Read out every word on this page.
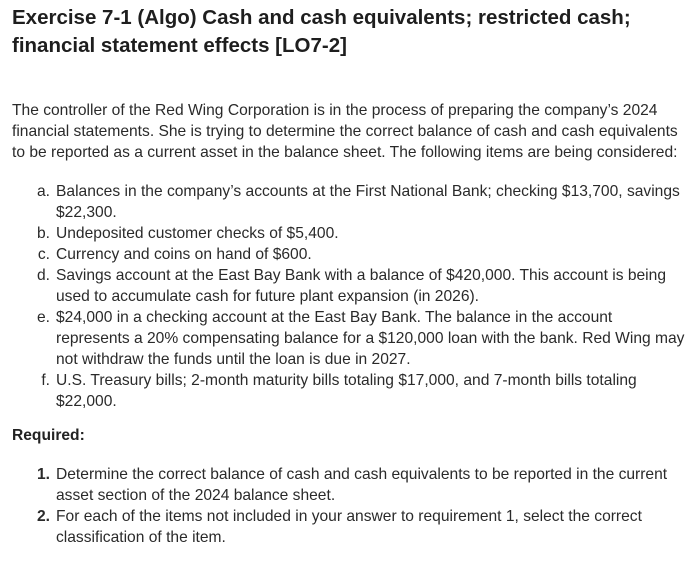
Exercise 7-1 (Algo) Cash and cash equivalents; restricted cash; financial statement effects [LO7-2]

The controller of the Red Wing Corporation is in the process of preparing the company’s 2024 financial statements. She is trying to determine the correct balance of cash and cash equivalents to be reported as a current asset in the balance sheet. The following items are being considered:

a. Balances in the company’s accounts at the First National Bank; checking $13,700, savings $22,300.
b. Undeposited customer checks of $5,400.
c. Currency and coins on hand of $600.
d. Savings account at the East Bay Bank with a balance of $420,000. This account is being used to accumulate cash for future plant expansion (in 2026).
e. $24,000 in a checking account at the East Bay Bank. The balance in the account represents a 20% compensating balance for a $120,000 loan with the bank. Red Wing may not withdraw the funds until the loan is due in 2027.
f. U.S. Treasury bills; 2-month maturity bills totaling $17,000, and 7-month bills totaling $22,000.

Required:

1. Determine the correct balance of cash and cash equivalents to be reported in the current asset section of the 2024 balance sheet.
2. For each of the items not included in your answer to requirement 1, select the correct classification of the item.
